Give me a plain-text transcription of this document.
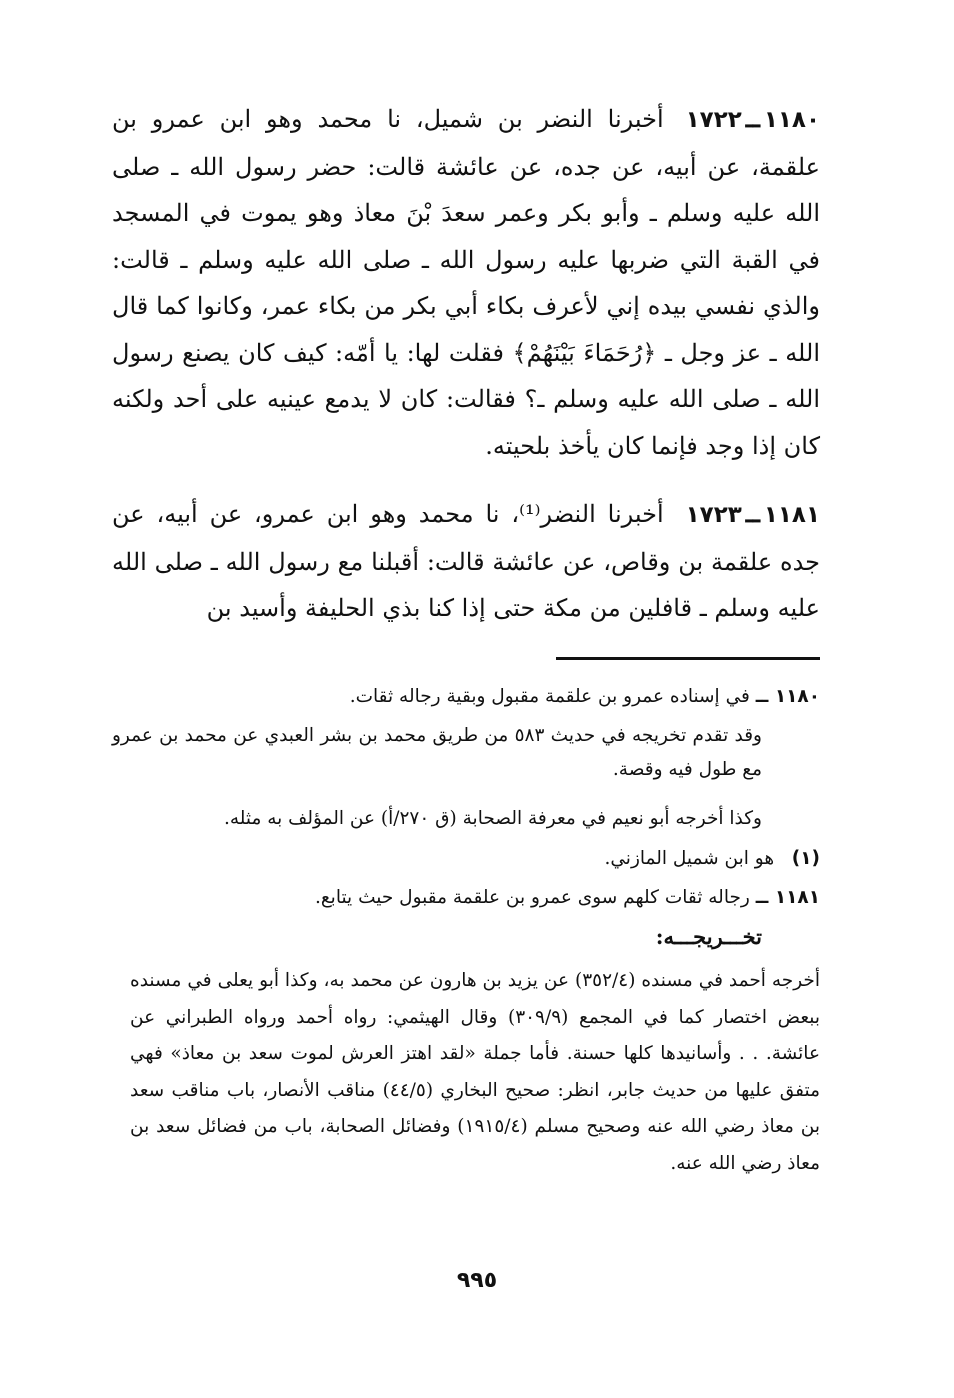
١١٨٠ــ١٧٢٢أخبرنا النضر بن شميل، نا محمد وهو ابن عمرو بن علقمة، عن أبيه، عن جده، عن عائشة قالت: حضر رسول الله ـ صلى الله عليه وسلم ـ وأبو بكر وعمر سعدَ بْنَ معاذ وهو يموت في المسجد في القبة التي ضربها عليه رسول الله ـ صلى الله عليه وسلم ـ قالت: والذي نفسي بيده إني لأعرف بكاء أبي بكر من بكاء عمر، وكانوا كما قال الله ـ عز وجل ـ ﴿رُحَمَاءَ بَيْنَهُمْ﴾ فقلت لها: يا أمّه: كيف كان يصنع رسول الله ـ صلى الله عليه وسلم ـ؟ فقالت: كان لا يدمع عينيه على أحد ولكنه كان إذا وجد فإنما كان يأخذ بلحيته.
١١٨١ــ١٧٢٣أخبرنا النضر⁽¹⁾، نا محمد وهو ابن عمرو، عن أبيه، عن جده علقمة بن وقاص، عن عائشة قالت: أقبلنا مع رسول الله ـ صلى الله عليه وسلم ـ قافلين من مكة حتى إذا كنا بذي الحليفة وأسيد بن
١١٨٠ ــ في إسناده عمرو بن علقمة مقبول وبقية رجاله ثقات.
وقد تقدم تخريجه في حديث ٥٨٣ من طريق محمد بن بشر العبدي عن محمد بن عمرو مع طول فيه وقصة.
وكذا أخرجه أبو نعيم في معرفة الصحابة (ق ٢٧٠/أ) عن المؤلف به مثله.
(١)   هو ابن شميل المازني.
١١٨١ ــ رجاله ثقات كلهم سوى عمرو بن علقمة مقبول حيث يتابع.
تخـــريجـــه:
أخرجه أحمد في مسنده (٣٥٢/٤) عن يزيد بن هارون عن محمد به، وكذا أبو يعلى في مسنده ببعض اختصار كما في المجمع (٣٠٩/٩) وقال الهيثمي: رواه أحمد ورواه الطبراني عن عائشة. . . وأسانيدها كلها حسنة. فأما جملة «لقد اهتز العرش لموت سعد بن معاذ» فهي متفق عليها من حديث جابر، انظر: صحيح البخاري (٤٤/٥) مناقب الأنصار، باب مناقب سعد بن معاذ رضي الله عنه وصحيح مسلم (١٩١٥/٤) وفضائل الصحابة، باب من فضائل سعد بن معاذ رضي الله عنه.
٩٩٥
